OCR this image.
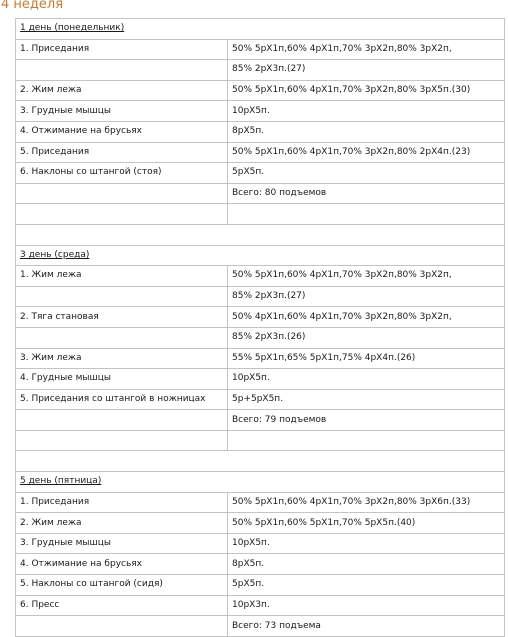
4 неделя
1 день (понедельник)	
1. Приседания	50% 5рХ1п,60% 4рХ1п,70% 3рХ2п,80% 3рХ2п,
	85% 2рХ3п.(27)
2. Жим лежа	50% 5рХ1п,60% 4рХ1п,70% 3рХ2п,80% 3рХ5п.(30)
3. Грудные мышцы	10рХ5п.
4. Отжимание на брусьях	8рХ5п.
5. Приседания	50% 5рХ1п,60% 4рХ1п,70% 3рХ2п,80% 2рХ4п.(23)
6. Наклоны со штангой (стоя)	5рХ5п.
	Всего: 80 подъемов

3 день (среда)	
1. Жим лежа	50% 5рХ1п,60% 4рХ1п,70% 3рХ2п,80% 3рХ2п,
	85% 2рХ3п.(27)
2. Тяга становая	50% 4рХ1п,60% 4рХ1п,70% 3рХ2п,80% 3рХ2п,
	85% 2рХ3п.(26)
3. Жим лежа	55% 5рХ1п,65% 5рХ1п,75% 4рХ4п.(26)
4. Грудные мышцы	10рХ5п.
5. Приседания со штангой в ножницах	5р+5рХ5п.
	Всего: 79 подъемов

5 день (пятница)	
1. Приседания	50% 5рХ1п,60% 4рХ1п,70% 3рХ2п,80% 3рХ6п.(33)
2. Жим лежа	50% 5рХ1п,60% 5рХ1п,70% 5рХ5п.(40)
3. Грудные мышцы	10рХ5п.
4. Отжимание на брусьях	8рХ5п.
5. Наклоны со штангой (сидя)	5рХ5п.
6. Пресс	10рХ3п.
	Всего: 73 подъема
